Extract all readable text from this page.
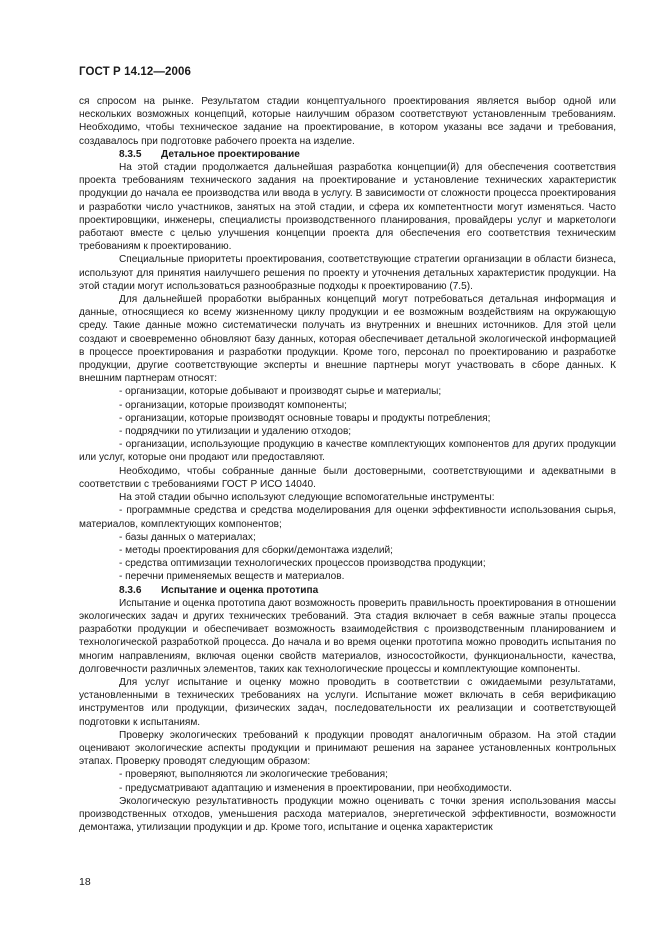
ГОСТ Р 14.12—2006

ся спросом на рынке. Результатом стадии концептуального проектирования является выбор одной или нескольких возможных концепций, которые наилучшим образом соответствуют установленным требованиям. Необходимо, чтобы техническое задание на проектирование, в котором указаны все задачи и требования, создавалось при подготовке рабочего проекта на изделие.

8.3.5 Детальное проектирование

На этой стадии продолжается дальнейшая разработка концепции(й) для обеспечения соответствия проекта требованиям технического задания на проектирование и установление технических характеристик продукции до начала ее производства или ввода в услугу. В зависимости от сложности процесса проектирования и разработки число участников, занятых на этой стадии, и сфера их компетентности могут изменяться. Часто проектировщики, инженеры, специалисты производственного планирования, провайдеры услуг и маркетологи работают вместе с целью улучшения концепции проекта для обеспечения его соответствия техническим требованиям к проектированию.

Специальные приоритеты проектирования, соответствующие стратегии организации в области бизнеса, используют для принятия наилучшего решения по проекту и уточнения детальных характеристик продукции. На этой стадии могут использоваться разнообразные подходы к проектированию (7.5).

Для дальнейшей проработки выбранных концепций могут потребоваться детальная информация и данные, относящиеся ко всему жизненному циклу продукции и ее возможным воздействиям на окружающую среду. Такие данные можно систематически получать из внутренних и внешних источников. Для этой цели создают и своевременно обновляют базу данных, которая обеспечивает детальной экологической информацией в процессе проектирования и разработки продукции. Кроме того, персонал по проектированию и разработке продукции, другие соответствующие эксперты и внешние партнеры могут участвовать в сборе данных. К внешним партнерам относят:

- организации, которые добывают и производят сырье и материалы;

- организации, которые производят компоненты;

- организации, которые производят основные товары и продукты потребления;

- подрядчики по утилизации и удалению отходов;

- организации, использующие продукцию в качестве комплектующих компонентов для других продукции или услуг, которые они продают или предоставляют.

Необходимо, чтобы собранные данные были достоверными, соответствующими и адекватными в соответствии с требованиями ГОСТ Р ИСО 14040.

На этой стадии обычно используют следующие вспомогательные инструменты:

- программные средства и средства моделирования для оценки эффективности использования сырья, материалов, комплектующих компонентов;

- базы данных о материалах;

- методы проектирования для сборки/демонтажа изделий;

- средства оптимизации технологических процессов производства продукции;

- перечни применяемых веществ и материалов.

8.3.6 Испытание и оценка прототипа

Испытание и оценка прототипа дают возможность проверить правильность проектирования в отношении экологических задач и других технических требований. Эта стадия включает в себя важные этапы процесса разработки продукции и обеспечивает возможность взаимодействия с производственным планированием и технологической разработкой процесса. До начала и во время оценки прототипа можно проводить испытания по многим направлениям, включая оценки свойств материалов, износостойкости, функциональности, качества, долговечности различных элементов, таких как технологические процессы и комплектующие компоненты.

Для услуг испытание и оценку можно проводить в соответствии с ожидаемыми результатами, установленными в технических требованиях на услуги. Испытание может включать в себя верификацию инструментов или продукции, физических задач, последовательности их реализации и соответствующей подготовки к испытаниям.

Проверку экологических требований к продукции проводят аналогичным образом. На этой стадии оценивают экологические аспекты продукции и принимают решения на заранее установленных контрольных этапах. Проверку проводят следующим образом:

- проверяют, выполняются ли экологические требования;

- предусматривают адаптацию и изменения в проектировании, при необходимости.

Экологическую результативность продукции можно оценивать с точки зрения использования массы производственных отходов, уменьшения расхода материалов, энергетической эффективности, возможности демонтажа, утилизации продукции и др. Кроме того, испытание и оценка характеристик

18
